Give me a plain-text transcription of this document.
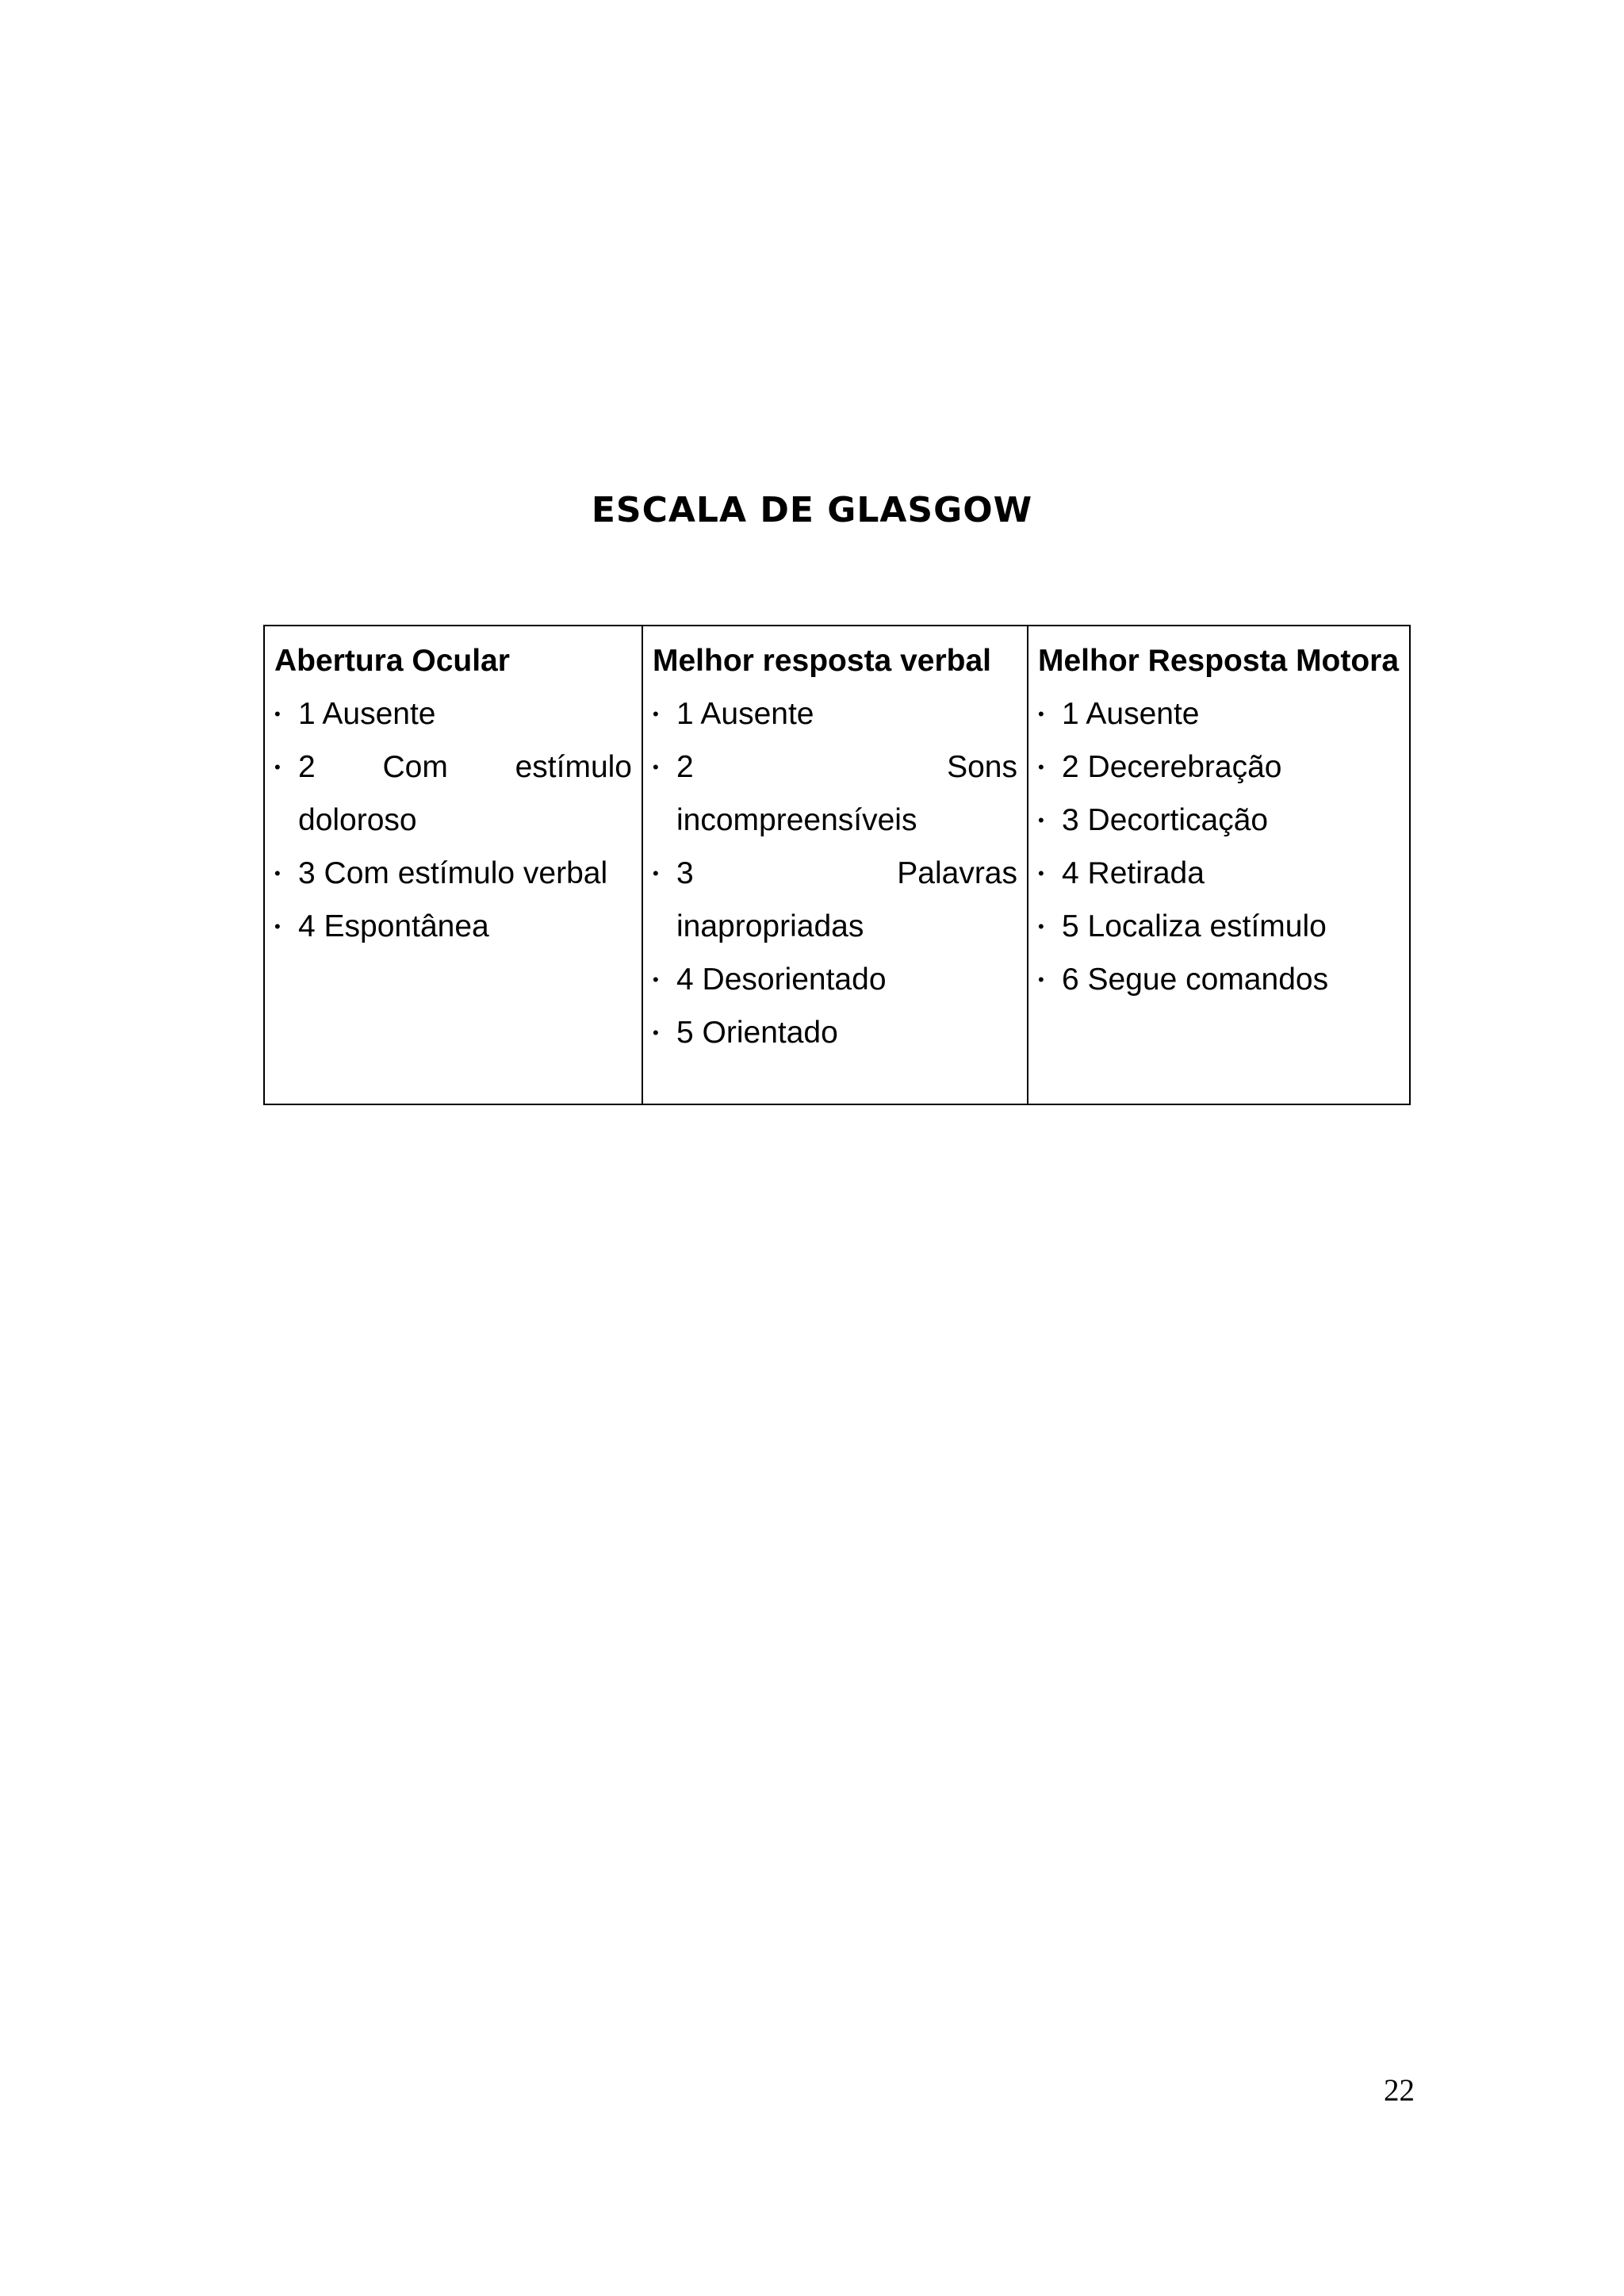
ESCALA DE GLASGOW
Abertura Ocular
• 1 Ausente
• 2 Com estímulo doloroso
• 3 Com estímulo verbal
• 4 Espontânea

Melhor resposta verbal
• 1 Ausente
• 2 Sons incompreensíveis
• 3 Palavras inapropriadas
• 4 Desorientado
• 5 Orientado

Melhor Resposta Motora
• 1 Ausente
• 2 Decerebração
• 3 Decorticação
• 4 Retirada
• 5 Localiza estímulo
• 6 Segue comandos
22
